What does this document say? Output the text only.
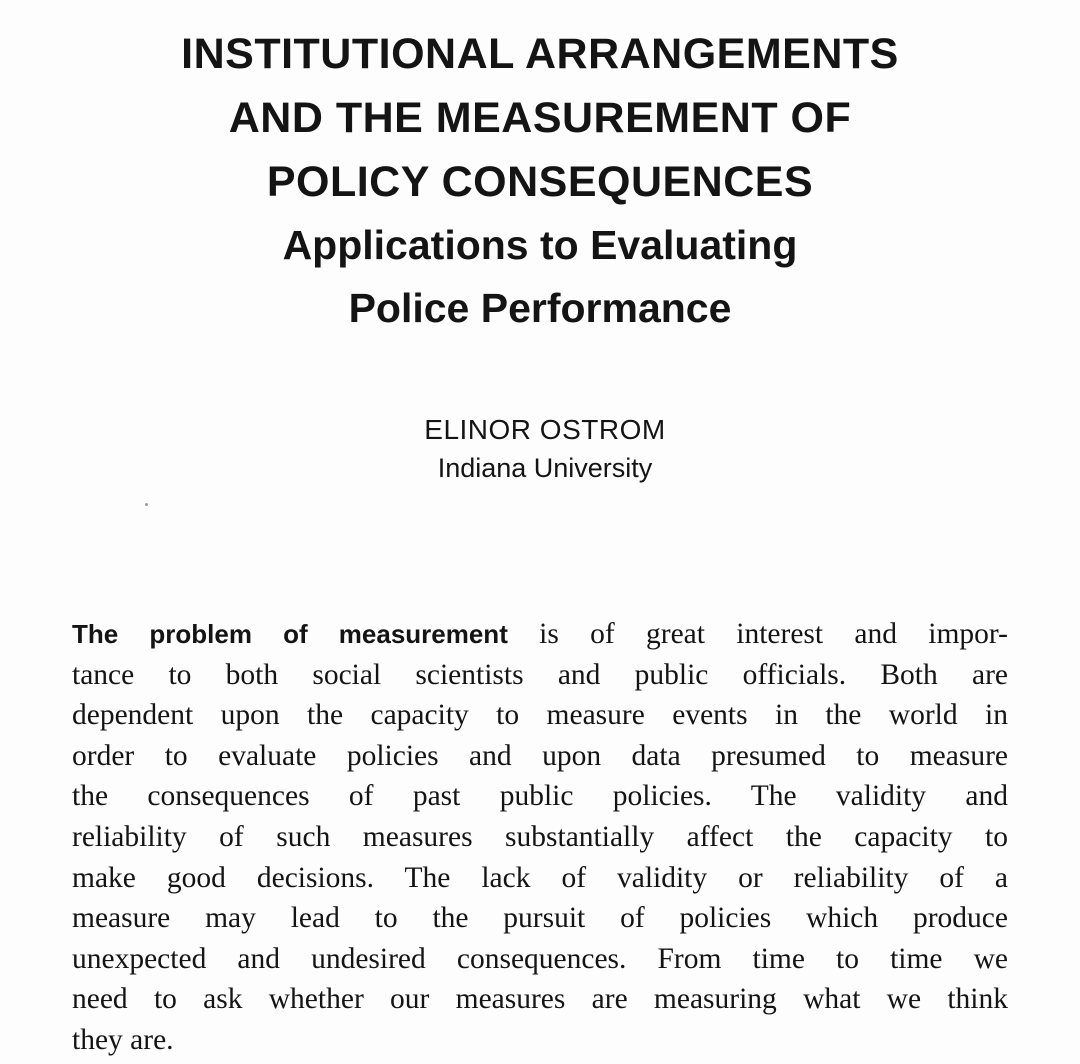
INSTITUTIONAL ARRANGEMENTS
AND THE MEASUREMENT OF
POLICY CONSEQUENCES
Applications to Evaluating
Police Performance
ELINOR OSTROM
Indiana University
The problem of measurement is of great interest and impor-
tance to both social scientists and public officials. Both are
dependent upon the capacity to measure events in the world in
order to evaluate policies and upon data presumed to measure
the consequences of past public policies. The validity and
reliability of such measures substantially affect the capacity to
make good decisions. The lack of validity or reliability of a
measure may lead to the pursuit of policies which produce
unexpected and undesired consequences. From time to time we
need to ask whether our measures are measuring what we think
they are.
